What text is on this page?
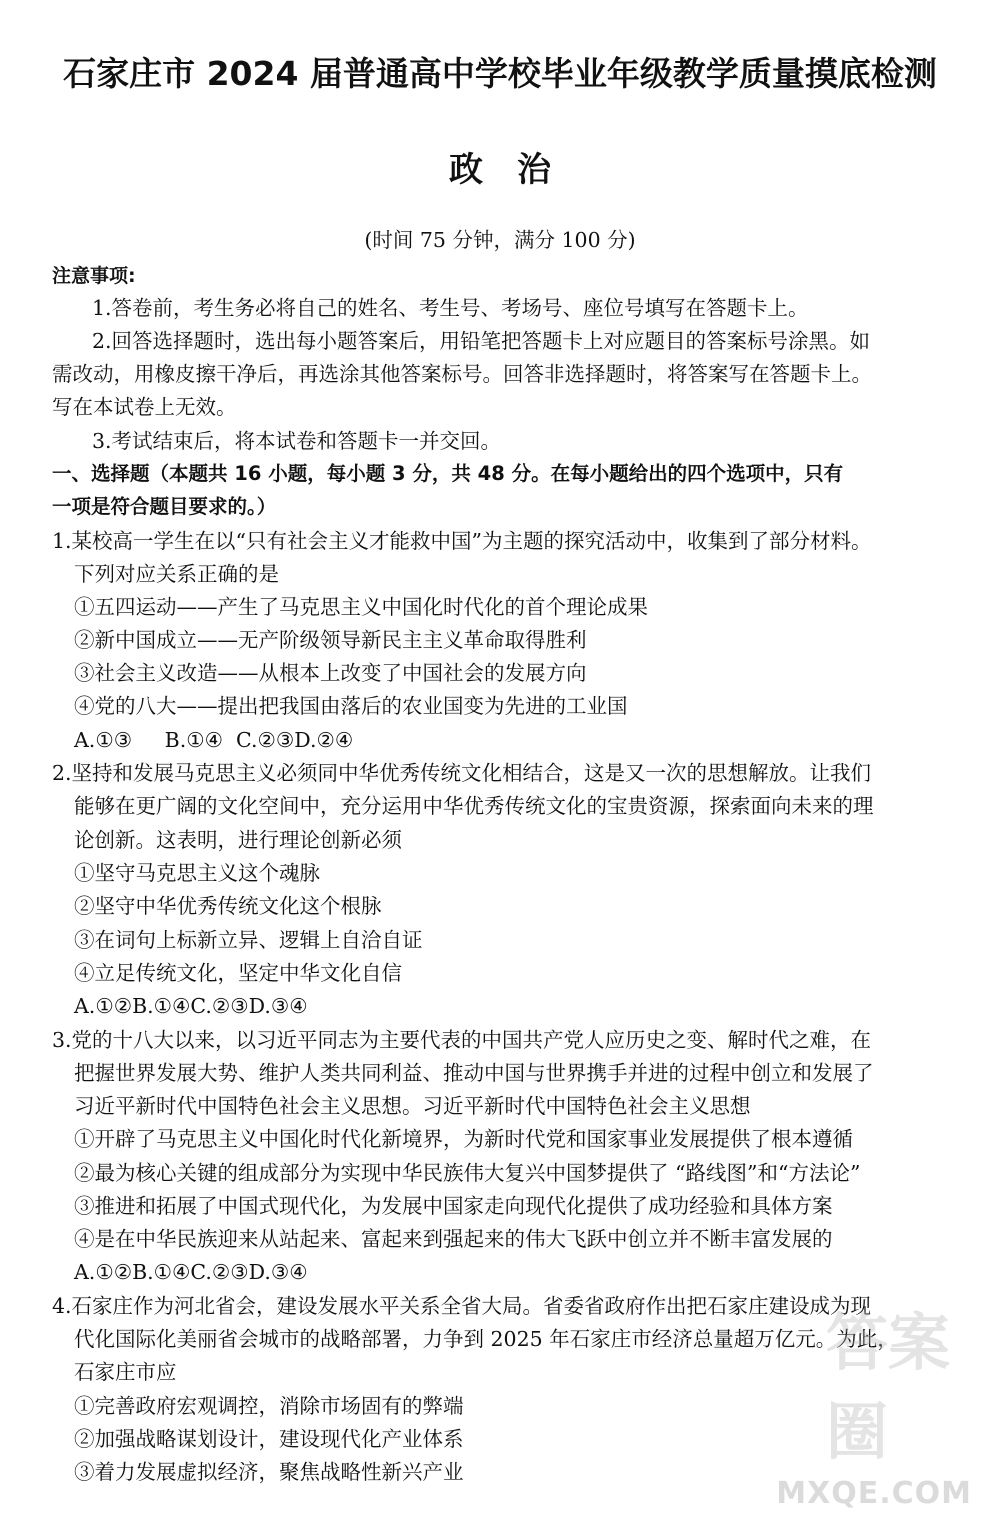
石家庄市 2024 届普通高中学校毕业年级教学质量摸底检测
政治
(时间 75 分钟，满分 100 分)
注意事项:
1.答卷前，考生务必将自己的姓名、考生号、考场号、座位号填写在答题卡上。
2.回答选择题时，选出每小题答案后，用铅笔把答题卡上对应题目的答案标号涂黑。如
需改动，用橡皮擦干净后，再选涂其他答案标号。回答非选择题时，将答案写在答题卡上。
写在本试卷上无效。
3.考试结束后，将本试卷和答题卡一并交回。
一、选择题（本题共 16 小题，每小题 3 分，共 48 分。在每小题给出的四个选项中，只有
一项是符合题目要求的。）
1.某校高一学生在以“只有社会主义才能救中国”为主题的探究活动中，收集到了部分材料。
下列对应关系正确的是
①五四运动——产生了马克思主义中国化时代化的首个理论成果
②新中国成立——无产阶级领导新民主主义革命取得胜利
③社会主义改造——从根本上改变了中国社会的发展方向
④党的八大——提出把我国由落后的农业国变为先进的工业国
A.①③     B.①④  C.②③D.②④
2.坚持和发展马克思主义必须同中华优秀传统文化相结合，这是又一次的思想解放。让我们
能够在更广阔的文化空间中，充分运用中华优秀传统文化的宝贵资源，探索面向未来的理
论创新。这表明，进行理论创新必须
①坚守马克思主义这个魂脉
②坚守中华优秀传统文化这个根脉
③在词句上标新立异、逻辑上自洽自证
④立足传统文化，坚定中华文化自信
A.①②B.①④C.②③D.③④
3.党的十八大以来，以习近平同志为主要代表的中国共产党人应历史之变、解时代之难，在
把握世界发展大势、维护人类共同利益、推动中国与世界携手并进的过程中创立和发展了
习近平新时代中国特色社会主义思想。习近平新时代中国特色社会主义思想
①开辟了马克思主义中国化时代化新境界，为新时代党和国家事业发展提供了根本遵循
②最为核心关键的组成部分为实现中华民族伟大复兴中国梦提供了 “路线图”和“方法论”
③推进和拓展了中国式现代化，为发展中国家走向现代化提供了成功经验和具体方案
④是在中华民族迎来从站起来、富起来到强起来的伟大飞跃中创立并不断丰富发展的
A.①②B.①④C.②③D.③④
4.石家庄作为河北省会，建设发展水平关系全省大局。省委省政府作出把石家庄建设成为现
代化国际化美丽省会城市的战略部署，力争到 2025 年石家庄市经济总量超万亿元。为此，
石家庄市应
①完善政府宏观调控，消除市场固有的弊端
②加强战略谋划设计，建设现代化产业体系
③着力发展虚拟经济，聚焦战略性新兴产业
答案圈
MXQE.COM
